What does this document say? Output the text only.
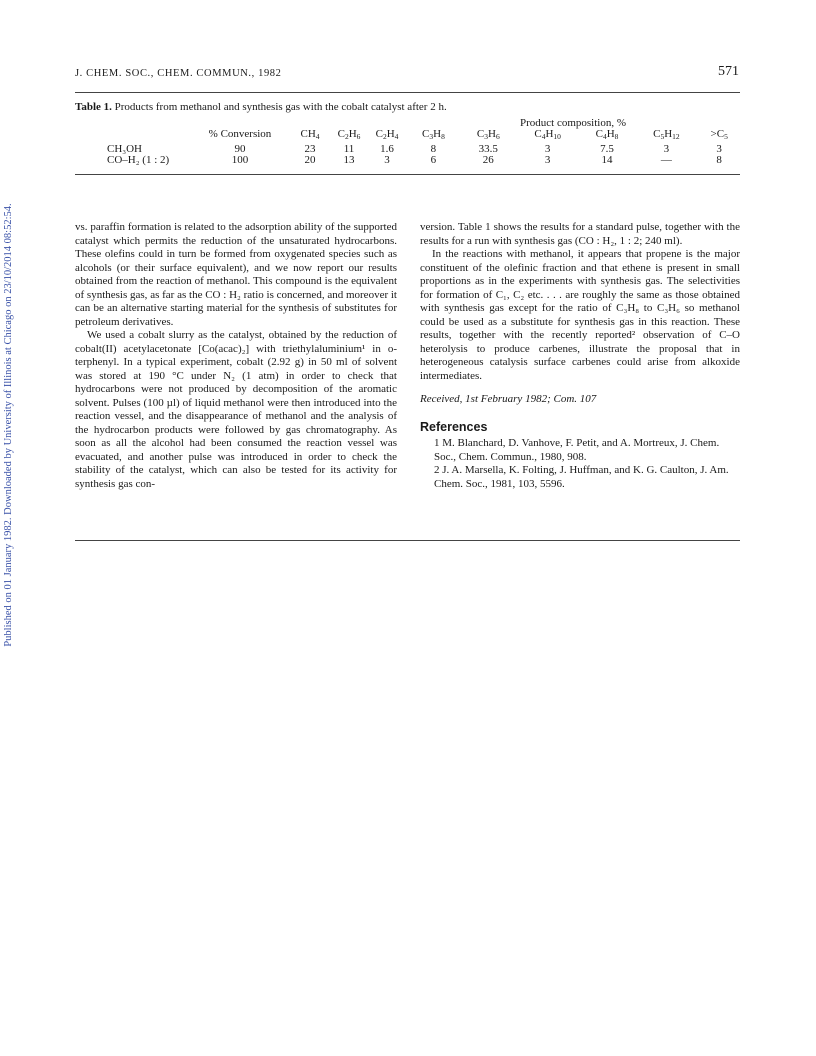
Published on 01 January 1982. Downloaded by University of Illinois at Chicago on 23/10/2014 08:52:54.
J. CHEM. SOC., CHEM. COMMUN., 1982	571
Table 1. Products from methanol and synthesis gas with the cobalt catalyst after 2 h.
					Product composition, %					
	% Conversion	$CH_4$	$C_2H_6$	$C_2H_4$	$C_3H_8$	$C_3H_6$	$C_4H_{10}$	$C_4H_8$	$C_5H_{12}$	$>C_5$

CH₃OH	90	23	11	1.6	8	33.5	3	7.5	3	3
CO–H₂ (1 : 2)	100	20	13	3	6	26	3	14	—	8

vs. paraffin formation is related to the adsorption ability of the supported catalyst which permits the reduction of the unsaturated hydrocarbons. These olefins could in turn be formed from oxygenated species such as alcohols (or their surface equivalent), and we now report our results obtained from the reaction of methanol. This compound is the equivalent of synthesis gas, as far as the CO : H₂ ratio is concerned, and moreover it can be an alternative starting material for the synthesis of substitutes for petroleum derivatives.

We used a cobalt slurry as the catalyst, obtained by the reduction of cobalt(II) acetylacetonate [Co(acac)₂] with triethylaluminium¹ in o-terphenyl. In a typical experiment, cobalt (2.92 g) in 50 ml of solvent was stored at 190 °C under N₂ (1 atm) in order to check that hydrocarbons were not produced by decomposition of the aromatic solvent. Pulses (100 µl) of liquid methanol were then introduced into the reaction vessel, and the disappearance of methanol and the analysis of the hydrocarbon products were followed by gas chromatography. As soon as all the alcohol had been consumed the reaction vessel was evacuated, and another pulse was introduced in order to check the stability of the catalyst, which can also be tested for its activity for synthesis gas con-

version. Table 1 shows the results for a standard pulse, together with the results for a run with synthesis gas (CO : H₂, 1 : 2; 240 ml).

In the reactions with methanol, it appears that propene is the major constituent of the olefinic fraction and that ethene is present in small proportions as in the experiments with synthesis gas. The selectivities for formation of C₁, C₂ etc. . . . are roughly the same as those obtained with synthesis gas except for the ratio of C₃H₈ to C₃H₆ so methanol could be used as a substitute for synthesis gas in this reaction. These results, together with the recently reported² observation of C–O heterolysis to produce carbenes, illustrate the proposal that in heterogeneous catalysis surface carbenes could arise from alkoxide intermediates.

Received, 1st February 1982; Com. 107

References

1 M. Blanchard, D. Vanhove, F. Petit, and A. Mortreux, J. Chem. Soc., Chem. Commun., 1980, 908.

2 J. A. Marsella, K. Folting, J. Huffman, and K. G. Caulton, J. Am. Chem. Soc., 1981, 103, 5596.
